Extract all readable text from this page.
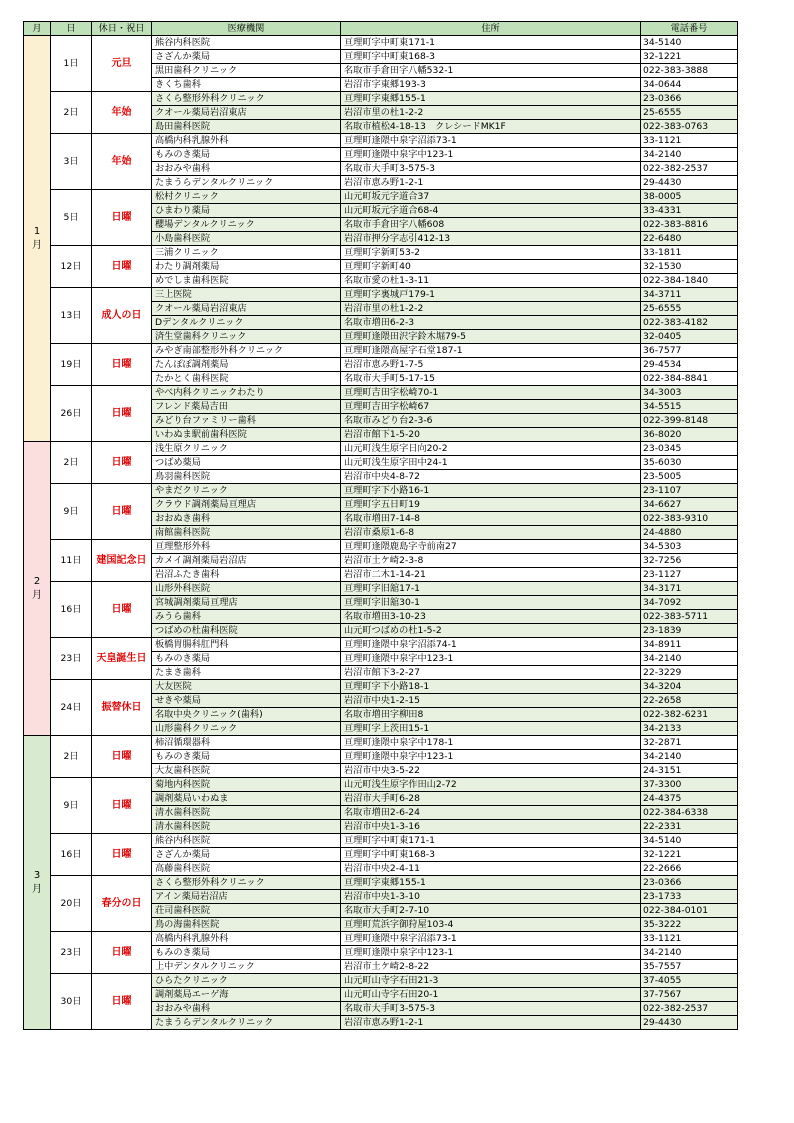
月	日	休日・祝日	医療機関	住所	電話番号
1
月	1日	元旦	熊谷内科医院	亘理町字中町東171-1	34-5140
			さざんか薬局	亘理町字中町東168-3	32-1221
			黒田歯科クリニック	名取市手倉田字八幡532-1	022-383-3888
			きくち歯科	岩沼市字東郷193-3	34-0644
	2日	年始	さくら整形外科クリニック	亘理町字東郷155-1	23-0366
			クオール薬局岩沼東店	岩沼市里の杜1-2-2	25-6555
			島田歯科医院	名取市植松4-18-13　クレシードMK1F	022-383-0763
	3日	年始	高橋内科乳腺外科	亘理町逢隈中泉字沼添73-1	33-1121
			もみのき薬局	亘理町逢隈中泉字中123-1	34-2140
			おおみや歯科	名取市大手町3-575-3	022-382-2537
			たまうらデンタルクリニック	岩沼市恵み野1-2-1	29-4430
	5日	日曜	松村クリニック	山元町坂元字道合37	38-0005
			ひまわり薬局	山元町坂元字道合68-4	33-4331
			櫻場デンタルクリニック	名取市手倉田字八幡608	022-383-8816
			小島歯科医院	岩沼市押分字志引412-13	22-6480
	12日	日曜	三浦クリニック	亘理町字新町53-2	33-1811
			わたり調剤薬局	亘理町字新町40	32-1530
			めでしま歯科医院	名取市愛の杜1-3-11	022-384-1840
	13日	成人の日	三上医院	亘理町字裏城戸179-1	34-3711
			クオール薬局岩沼東店	岩沼市里の杜1-2-2	25-6555
			Dデンタルクリニック	名取市増田6-2-3	022-383-4182
			済生堂歯科クリニック	亘理町逢隈田沢字鈴木堀79-5	32-0405
	19日	日曜	みやぎ南部整形外科クリニック	亘理町逢隈高屋字石堂187-1	36-7577
			たんぽぽ調剤薬局	岩沼市恵み野1-7-5	29-4534
			たかとく歯科医院	名取市大手町5-17-15	022-384-8841
	26日	日曜	やべ内科クリニックわたり	亘理町吉田字松崎70-1	34-3003
			フレンド薬局吉田	亘理町吉田字松崎67	34-5515
			みどり台ファミリー歯科	名取市みどり台2-3-6	022-399-8148
			いわぬま駅前歯科医院	岩沼市館下1-5-20	36-8020
2
月	2日	日曜	浅生原クリニック	山元町浅生原字日向20-2	23-0345
			つばめ薬局	山元町浅生原字田中24-1	35-6030
			鳥羽歯科医院	岩沼市中央4-8-72	23-5005
	9日	日曜	やまだクリニック	亘理町字下小路16-1	23-1107
			クラウド調剤薬局亘理店	亘理町字五日町19	34-6627
			おおぬき歯科	名取市増田7-14-8	022-383-9310
			南館歯科医院	岩沼市桑原1-6-8	24-4880
	11日	建国記念日	亘理整形外科	亘理町逢隈鹿島字寺前南27	34-5303
			カメイ調剤薬局岩沼店	岩沼市土ケ崎2-3-8	32-7256
			岩沼ふたき歯科	岩沼市二木1-14-21	23-1127
	16日	日曜	山形外科医院	亘理町字旧舘17-1	34-3171
			宮城調剤薬局亘理店	亘理町字旧舘30-1	34-7092
			みうら歯科	名取市増田3-10-23	022-383-5711
			つばめの杜歯科医院	山元町つばめの杜1-5-2	23-1839
	23日	天皇誕生日	板橋胃腸科肛門科	亘理町逢隈中泉字沼添74-1	34-8911
			もみのき薬局	亘理町逢隈中泉字中123-1	34-2140
			たまき歯科	岩沼市館下3-2-27	22-3229
	24日	振替休日	大友医院	亘理町字下小路18-1	34-3204
			せきや薬局	岩沼市中央1-2-15	22-2658
			名取中央クリニック(歯科)	名取市増田字柳田8	022-382-6231
			山形歯科クリニック	亘理町字上茨田15-1	34-2133
3
月	2日	日曜	柿沼循環器科	亘理町逢隈中泉字中178-1	32-2871
			もみのき薬局	亘理町逢隈中泉字中123-1	34-2140
			大友歯科医院	岩沼市中央3-5-22	24-3151
	9日	日曜	菊地内科医院	山元町浅生原字作田山2-72	37-3300
			調剤薬局いわぬま	岩沼市大手町6-28	24-4375
			清水歯科医院	名取市増田2-6-24	022-384-6338
			清水歯科医院	岩沼市中央1-3-16	22-2331
	16日	日曜	熊谷内科医院	亘理町字中町東171-1	34-5140
			さざんか薬局	亘理町字中町東168-3	32-1221
			高藤歯科医院	岩沼市中央2-4-11	22-2666
	20日	春分の日	さくら整形外科クリニック	亘理町字東郷155-1	23-0366
			アイン薬局岩沼店	岩沼市中央1-3-10	23-1733
			荘司歯科医院	名取市大手町2-7-10	022-384-0101
			鳥の海歯科医院	亘理町荒浜字御狩屋103-4	35-3222
	23日	日曜	高橋内科乳腺外科	亘理町逢隈中泉字沼添73-1	33-1121
			もみのき薬局	亘理町逢隈中泉字中123-1	34-2140
			上中デンタルクリニック	岩沼市土ケ崎2-8-22	35-7557
	30日	日曜	ひらたクリニック	山元町山寺字石田21-3	37-4055
			調剤薬局エーゲ海	山元町山寺字石田20-1	37-7567
			おおみや歯科	名取市大手町3-575-3	022-382-2537
			たまうらデンタルクリニック	岩沼市恵み野1-2-1	29-4430
